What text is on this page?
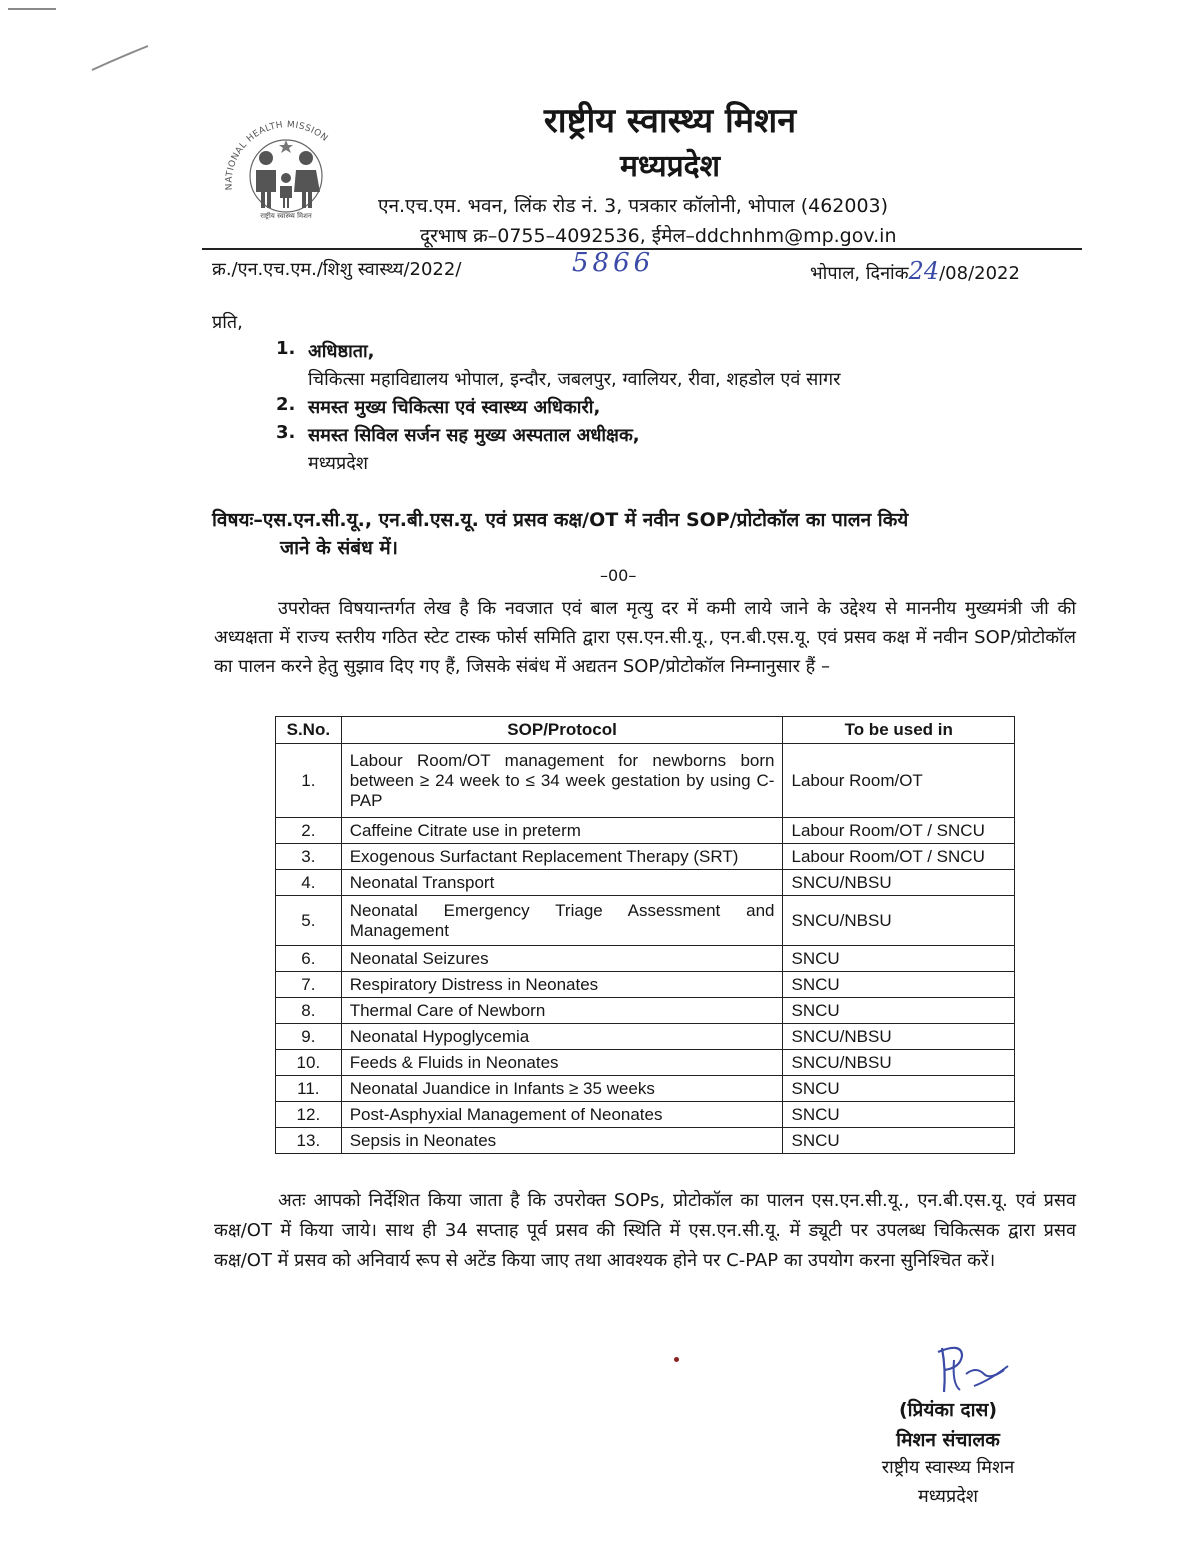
NATIONAL HEALTH MISSION
राष्ट्रीय स्वास्थ्य मिशन
राष्ट्रीय स्वास्थ्य मिशन
मध्यप्रदेश
एन.एच.एम. भवन, लिंक रोड नं. 3, पत्रकार कॉलोनी, भोपाल (462003)
दूरभाष क्र–0755–4092536, ईमेल–ddchnhm@mp.gov.in
क्र./एन.एच.एम./शिशु स्वास्थ्य/2022/	5866	भोपाल, दिनांक24/08/2022
प्रति,
1. अधिष्ठाता,
चिकित्सा महाविद्यालय भोपाल, इन्दौर, जबलपुर, ग्वालियर, रीवा, शहडोल एवं सागर
2. समस्त मुख्य चिकित्सा एवं स्वास्थ्य अधिकारी,
3. समस्त सिविल सर्जन सह मुख्य अस्पताल अधीक्षक,
मध्यप्रदेश
विषयः–एस.एन.सी.यू., एन.बी.एस.यू. एवं प्रसव कक्ष/OT में नवीन SOP/प्रोटोकॉल का पालन किये
जाने के संबंध में।
–00–
उपरोक्त विषयान्तर्गत लेख है कि नवजात एवं बाल मृत्यु दर में कमी लाये जाने के उद्देश्य से माननीय मुख्यमंत्री जी की अध्यक्षता में राज्य स्तरीय गठित स्टेट टास्क फोर्स समिति द्वारा एस.एन.सी.यू., एन.बी.एस.यू. एवं प्रसव कक्ष में नवीन SOP/प्रोटोकॉल का पालन करने हेतु सुझाव दिए गए हैं, जिसके संबंध में अद्यतन SOP/प्रोटोकॉल निम्नानुसार हैं –
S.No.	SOP/Protocol	To be used in
1.	Labour Room/OT management for newborns born between ≥ 24 week to ≤ 34 week gestation by using C-PAP	Labour Room/OT
2.	Caffeine Citrate use in preterm	Labour Room/OT / SNCU
3.	Exogenous Surfactant Replacement Therapy (SRT)	Labour Room/OT / SNCU
4.	Neonatal Transport	SNCU/NBSU
5.	Neonatal Emergency Triage Assessment and Management	SNCU/NBSU
6.	Neonatal Seizures	SNCU
7.	Respiratory Distress in Neonates	SNCU
8.	Thermal Care of Newborn	SNCU
9.	Neonatal Hypoglycemia	SNCU/NBSU
10.	Feeds & Fluids in Neonates	SNCU/NBSU
11.	Neonatal Juandice in Infants ≥ 35 weeks	SNCU
12.	Post-Asphyxial Management of Neonates	SNCU
13.	Sepsis in Neonates	SNCU
अतः आपको निर्देशित किया जाता है कि उपरोक्त SOPs, प्रोटोकॉल का पालन एस.एन.सी.यू., एन.बी.एस.यू. एवं प्रसव कक्ष/OT में किया जाये। साथ ही 34 सप्ताह पूर्व प्रसव की स्थिति में एस.एन.सी.यू. में ड्यूटी पर उपलब्ध चिकित्सक द्वारा प्रसव कक्ष/OT में प्रसव को अनिवार्य रूप से अटेंड किया जाए तथा आवश्यक होने पर C-PAP का उपयोग करना सुनिश्चित करें।
(प्रियंका दास)
मिशन संचालक
राष्ट्रीय स्वास्थ्य मिशन
मध्यप्रदेश
